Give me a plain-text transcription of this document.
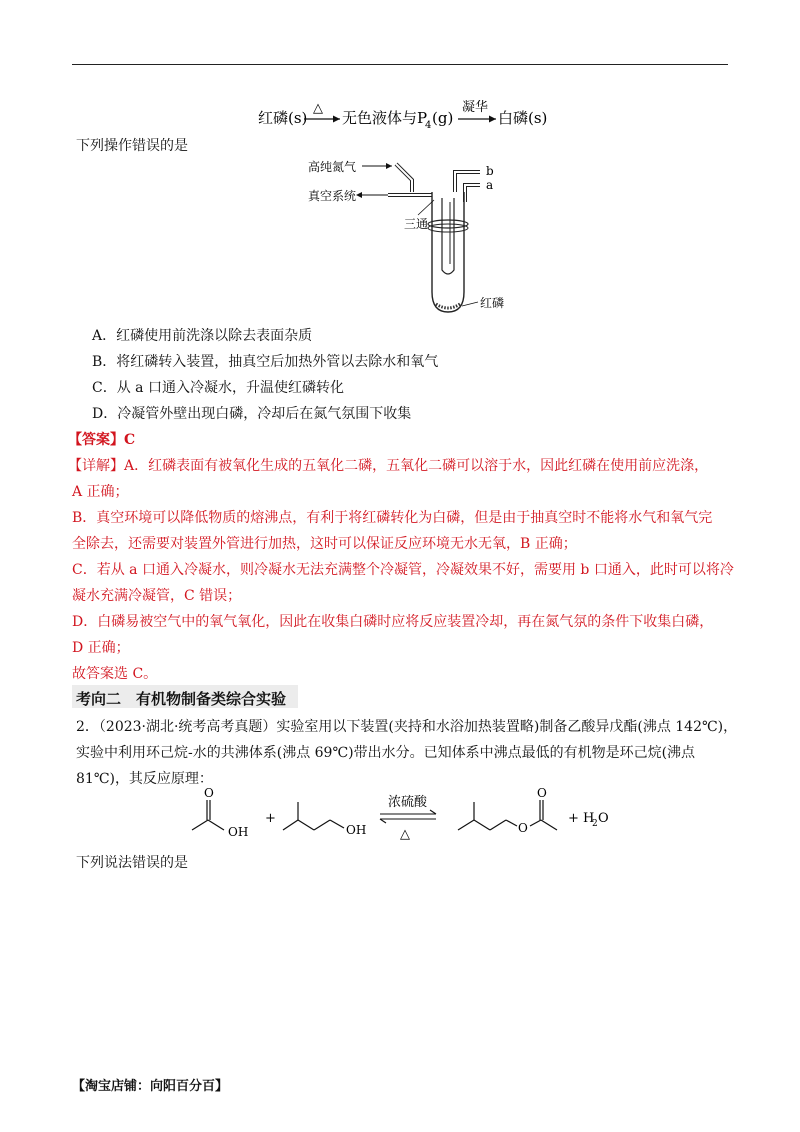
红磷(s)
△
无色液体与P
4 (g)
凝华
白磷(s)
下列操作错误的是
高纯氮气
真空系统
b
a
三通
红磷
A．红磷使用前洗涤以除去表面杂质
B．将红磷转入装置，抽真空后加热外管以去除水和氧气
C．从 a 口通入冷凝水，升温使红磷转化
D．冷凝管外壁出现白磷，冷却后在氮气氛围下收集
【答案】C
【详解】A．红磷表面有被氧化生成的五氧化二磷，五氧化二磷可以溶于水，因此红磷在使用前应洗涤，
A 正确；
B．真空环境可以降低物质的熔沸点，有利于将红磷转化为白磷，但是由于抽真空时不能将水气和氧气完
全除去，还需要对装置外管进行加热，这时可以保证反应环境无水无氧，B 正确；
C．若从 a 口通入冷凝水，则冷凝水无法充满整个冷凝管，冷凝效果不好，需要用 b 口通入，此时可以将冷
凝水充满冷凝管，C 错误；
D．白磷易被空气中的氧气氧化，因此在收集白磷时应将反应装置冷却，再在氮气氛的条件下收集白磷，
D 正确；
故答案选 C。
考向二　有机物制备类综合实验
2．（2023·湖北·统考高考真题）实验室用以下装置(夹持和水浴加热装置略)制备乙酸异戊酯(沸点 142℃)，
实验中利用环己烷-水的共沸体系(沸点 69℃)带出水分。已知体系中沸点最低的有机物是环己烷(沸点
81℃)，其反应原理：
O
OH
+
OH
浓硫酸
△	O
O
+ H
2 O
下列说法错误的是
【淘宝店铺：向阳百分百】
